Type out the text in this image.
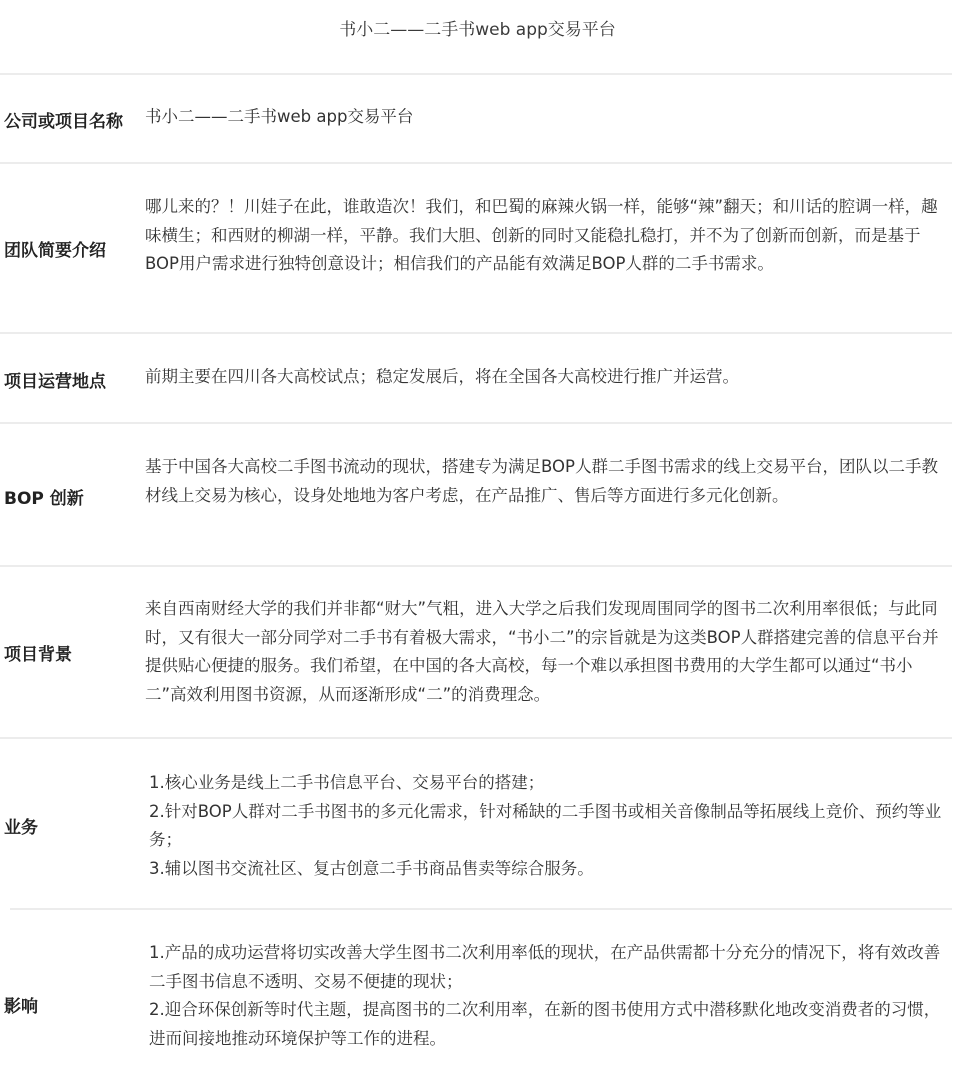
书小二——二手书web app交易平台
公司或项目名称 书小二——二手书web app交易平台

团队简要介绍

哪儿来的？！川娃子在此，谁敢造次！我们，和巴蜀的麻辣火锅一样，能够“辣”翻天；和川话的腔调一样，趣味横生；和西财的柳湖一样，平静。我们大胆、创新的同时又能稳扎稳打，并不为了创新而创新，而是基于BOP用户需求进行独特创意设计；相信我们的产品能有效满足BOP人群的二手书需求。

项目运营地点 前期主要在四川各大高校试点；稳定发展后，将在全国各大高校进行推广并运营。

BOP 创新

基于中国各大高校二手图书流动的现状，搭建专为满足BOP人群二手图书需求的线上交易平台，团队以二手教材线上交易为核心，设身处地地为客户考虑，在产品推广、售后等方面进行多元化创新。

项目背景

来自西南财经大学的我们并非都“财大”气粗，进入大学之后我们发现周围同学的图书二次利用率很低；与此同时，又有很大一部分同学对二手书有着极大需求，“书小二”的宗旨就是为这类BOP人群搭建完善的信息平台并提供贴心便捷的服务。我们希望，在中国的各大高校，每一个难以承担图书费用的大学生都可以通过“书小二”高效利用图书资源，从而逐渐形成“二”的消费理念。

业务

1.核心业务是线上二手书信息平台、交易平台的搭建；

2.针对BOP人群对二手书图书的多元化需求，针对稀缺的二手图书或相关音像制品等拓展线上竞价、预约等业务；

3.辅以图书交流社区、复古创意二手书商品售卖等综合服务。

影响

1.产品的成功运营将切实改善大学生图书二次利用率低的现状，在产品供需都十分充分的情况下，将有效改善二手图书信息不透明、交易不便捷的现状；

2.迎合环保创新等时代主题，提高图书的二次利用率，在新的图书使用方式中潜移默化地改变消费者的习惯，进而间接地推动环境保护等工作的进程。
